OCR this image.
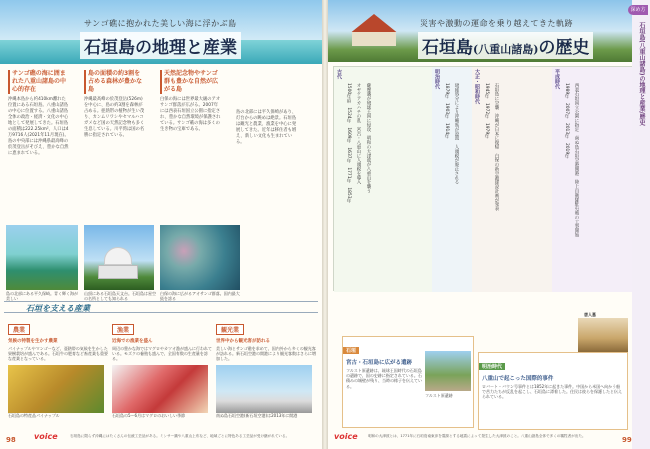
サンゴ礁に抱かれた美しい海に浮かぶ島
石垣島の地理と産業
サンゴ礁の海に囲まれた八重山諸島の中心的存在
沖縄本島から約410km離れた位置にある石垣島。八重山諸島の中心に位置する。八重山諸島全体の政治・経済・文化の中心地として発展してきた。石垣島の面積は222.25km²、人口は4万9716人(2021年11月現在)。島の中央部には沖縄県最高峰の於茂登岳がそびえ、豊かな自然に恵まれている。
島の面積の約3割を占める森林が豊かな島
沖縄最高峰の於茂登岳(526m)を中心に、島の約3割を森林が占める。亜熱帯の植物が生い茂り、カンムリワシやセマルハコガメなど国の天然記念物も多く生息している。川平湾は国の名勝に指定されている。
天然記念物やサンゴ群も豊かな自然が広がる島
白保の海には世界最大級のアオサンゴ群落が広がる。2007年には西表石垣国立公園に指定され、豊かな自然環境が保護されている。サンゴ礁の海は多くの生き物の宝庫である。
島の北部には平久保崎があり、灯台からの眺めは絶景。石垣島は観光と農業、漁業を中心に発展してきた。近年は移住者も増え、新しい文化も生まれている。
島の北部にある平久保崎。青く輝く海が美しい
山頂にある石垣島天文台。石垣島は星空の名所としても知られる
白保の海に広がるアオサンゴ群落。国内最大級を誇る
石垣を支える産業
農業
気候の特製を生かす農業
パイナップルやマンゴーなど、亜熱帯の気候を生かした果樹栽培が盛んである。石垣牛の肥育など畜産業も重要な産業となっている。
石垣島の特産品パイナップル
漁業
近海での漁業を盛ん
周辺の豊かな海ではマグロやカツオ漁が盛んに行われている。モズクの養殖も盛んで、全国有数の生産量を誇る。
石垣島の5〜6月はマグロのおいしい季節
観光業
世界中から観光客が訪れる
美しい海とサンゴ礁を求めて、国内外から多くの観光客が訪れる。新石垣空港の開港により観光客数はさらに増加した。
南ぬ島石垣空港(新石垣空港)は2013年に開港
98 voice	石垣島に限らず沖縄にはたくさんの伝統工芸品がある。ミンサー織や八重山上布など、地域ごとに特色ある工芸品が受け継がれている。
災害や激動の運命を乗り越えてきた軌跡
石垣島(八重山諸島)の歴史
古代
1500年頃　1524年　1609年　1637年　1771年　1853年
オヤケアカハチの乱　宮古・八重山に人頭税を導入
薩摩藩が琉球王国に侵攻　明和の大津波が八重山を襲う
明治時代
1879年　1903年　1914年 琉球処分により沖縄県が設置　人頭税が廃止される
大正・昭和時代 1945年　1972年　1979年
石垣島に空襲　沖縄が日本に復帰　白保の新空港建設計画が発表
平成時代
1989年　2007年　2013年　2019年
西表石垣国立公園に指定　南ぬ島石垣空港開港　陸上自衛隊駐屯地の工事開始
石垣
宮古・石垣島に広がる遺跡
フルスト原遺跡は、琉球王国時代の石垣島の遺跡で、国の史跡に指定されている。石積みの城壁が残り、当時の様子を伝えている。
フルスト原遺跡
明治時代
八重山で起こった国際的事件
ロバート・バウン号事件とは1852年に起きた事件。中国から米国へ向かう船で苦力たちが反乱を起こし、石垣島に漂着した。住民は彼らを保護したと伝えられている。
唐人墓
99
voice	明和の大津波とは、1771年に石垣島南東沖を震源とする地震によって発生した大津波のこと。八重山諸島全体で多くの犠牲者が出た。
深め方
石垣島(八重山諸島)の地理と産業/歴史
